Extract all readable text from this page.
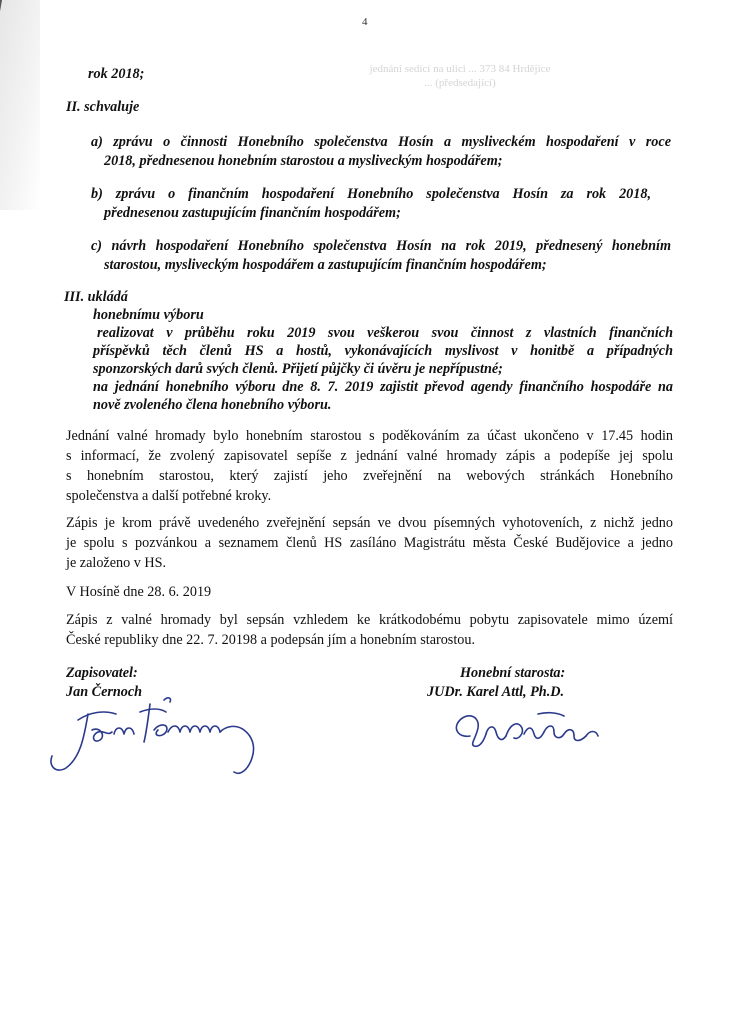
jednání sedící na ulici ... 373 84 Hrdějice
... (předsedající)
4

rok 2018;

II. schvaluje

a) zprávu o činnosti Honebního společenstva Hosín a mysliveckém hospodaření v roce

2018, přednesenou honebním starostou a mysliveckým hospodářem;

b) zprávu o finančním hospodaření Honebního společenstva Hosín za rok 2018,

přednesenou zastupujícím finančním hospodářem;

c) návrh hospodaření Honebního společenstva Hosín na rok 2019, přednesený honebním

starostou, mysliveckým hospodářem a zastupujícím finančním hospodářem;

III. ukládá

honebnímu výboru

realizovat v průběhu roku 2019 svou veškerou svou činnost z vlastních finančních

příspěvků těch členů HS a hostů, vykonávajících myslivost v honitbě a případných

sponzorských darů svých členů. Přijetí půjčky či úvěru je nepřípustné;

na jednání honebního výboru dne 8. 7. 2019 zajistit převod agendy finančního hospodáře na

nově zvoleného člena honebního výboru.

Jednání valné hromady bylo honebním starostou s poděkováním za účast ukončeno v 17.45 hodin

s informací, že zvolený zapisovatel sepíše z jednání valné hromady zápis a podepíše jej spolu

s honebním starostou, který zajistí jeho zveřejnění na webových stránkách Honebního

společenstva a další potřebné kroky.

Zápis je krom právě uvedeného zveřejnění sepsán ve dvou písemných vyhotoveních, z nichž jedno

je spolu s pozvánkou a seznamem členů HS zasíláno Magistrátu města České Budějovice a jedno

je založeno v HS.

V Hosíně dne 28. 6. 2019

Zápis z valné hromady byl sepsán vzhledem ke krátkodobému pobytu zapisovatele mimo území

České republiky dne 22. 7. 20198 a podepsán jím a honebním starostou.

Zapisovatel:

Jan Černoch

Honební starosta:

JUDr. Karel Attl, Ph.D.
